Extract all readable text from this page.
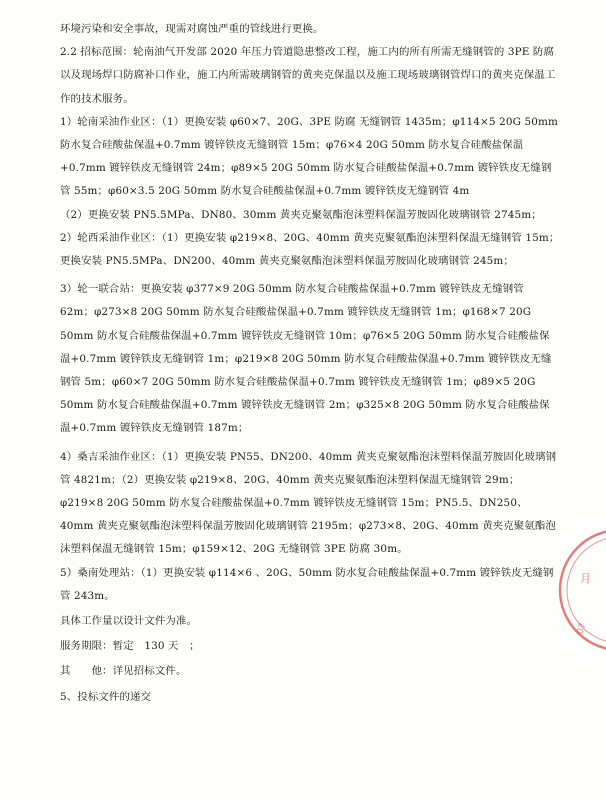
环境污染和安全事故，现需对腐蚀严重的管线进行更换。

2.2 招标范围：轮南油气开发部 2020 年压力管道隐患整改工程，施工内的所有所需无缝钢管的 3PE 防腐以及现场焊口防腐补口作业，施工内所需玻璃钢管的黄夹克保温以及施工现场玻璃钢管焊口的黄夹克保温工作的技术服务。

1）轮南采油作业区：（1）更换安装 φ60×7、20G、3PE 防腐 无缝钢管 1435m；φ114×5 20G 50mm 防水复合硅酸盐保温+0.7mm 镀锌铁皮无缝钢管 15m；φ76×4 20G 50mm 防水复合硅酸盐保温+0.7mm 镀锌铁皮无缝钢管 24m；φ89×5 20G 50mm 防水复合硅酸盐保温+0.7mm 镀锌铁皮无缝钢管 55m；φ60×3.5 20G 50mm 防水复合硅酸盐保温+0.7mm 镀锌铁皮无缝钢管 4m

（2）更换安装 PN5.5MPa、DN80、30mm 黄夹克聚氨酯泡沫塑料保温芳胺固化玻璃钢管 2745m；

2）轮西采油作业区：（1）更换安装 φ219×8、20G、40mm 黄夹克聚氨酯泡沫塑料保温无缝钢管 15m；更换安装 PN5.5MPa、DN200、40mm 黄夹克聚氨酯泡沫塑料保温芳胺固化玻璃钢管 245m；

3）轮一联合站：更换安装 φ377×9 20G 50mm 防水复合硅酸盐保温+0.7mm 镀锌铁皮无缝钢管 62m；φ273×8 20G 50mm 防水复合硅酸盐保温+0.7mm 镀锌铁皮无缝钢管 1m；φ168×7 20G 50mm 防水复合硅酸盐保温+0.7mm 镀锌铁皮无缝钢管 10m；φ76×5 20G 50mm 防水复合硅酸盐保温+0.7mm 镀锌铁皮无缝钢管 1m；φ219×8 20G 50mm 防水复合硅酸盐保温+0.7mm 镀锌铁皮无缝钢管 5m；φ60×7 20G 50mm 防水复合硅酸盐保温+0.7mm 镀锌铁皮无缝钢管 1m；φ89×5 20G 50mm 防水复合硅酸盐保温+0.7mm 镀锌铁皮无缝钢管 2m；φ325×8 20G 50mm 防水复合硅酸盐保温+0.7mm 镀锌铁皮无缝钢管 187m；

4）桑吉采油作业区：（1）更换安装 PN55、DN200、40mm 黄夹克聚氨酯泡沫塑料保温芳胺固化玻璃钢管 4821m；（2）更换安装 φ219×8、20G、40mm 黄夹克聚氨酯泡沫塑料保温无缝钢管 29m；φ219×8 20G 50mm 防水复合硅酸盐保温+0.7mm 镀锌铁皮无缝钢管 15m；PN5.5、DN250、40mm 黄夹克聚氨酯泡沫塑料保温芳胺固化玻璃钢管 2195m；φ273×8、20G、40mm 黄夹克聚氨酯泡沫塑料保温无缝钢管 15m；φ159×12、20G 无缝钢管 3PE 防腐 30m。

5）桑南处理站：（1）更换安装 φ114×6 、20G、50mm 防水复合硅酸盐保温+0.7mm 镀锌铁皮无缝钢管 243m。

具体工作量以设计文件为准。

服务期限：暂定　130 天　；

其　　他：详见招标文件。

5、投标文件的递交

月
07
